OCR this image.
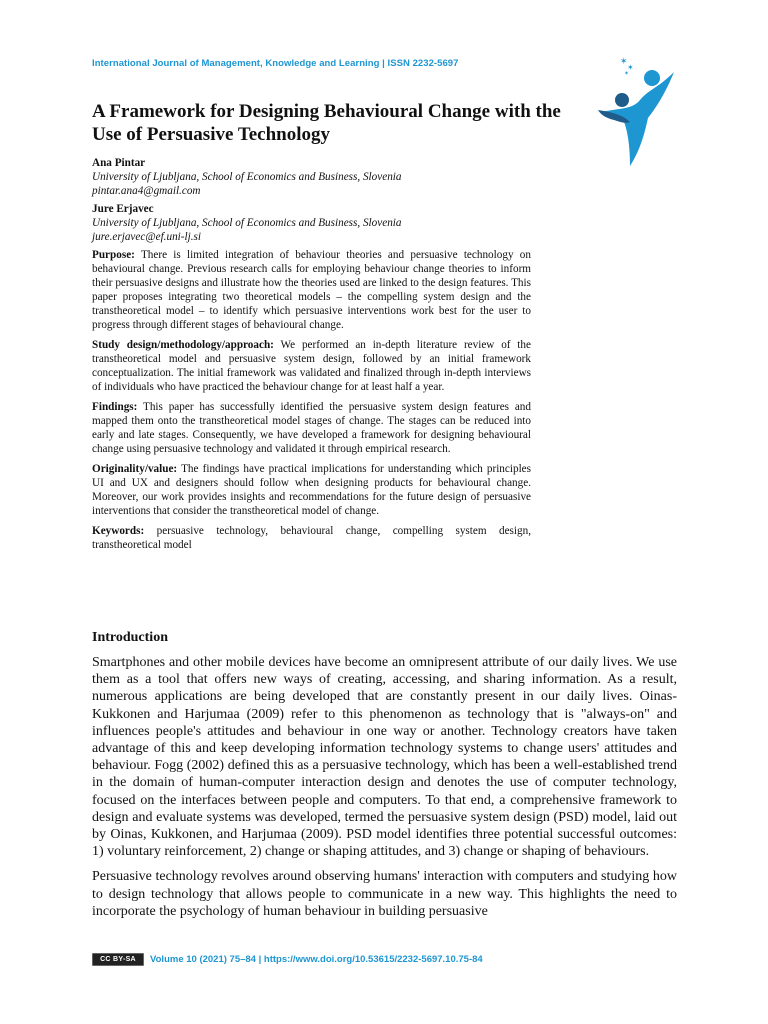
International Journal of Management, Knowledge and Learning | ISSN 2232-5697	✶
✶
✶
A Framework for Designing Behavioural Change with the Use of Persuasive Technology
Ana Pintar
University of Ljubljana, School of Economics and Business, Slovenia
pintar.ana4@gmail.com
Jure Erjavec
University of Ljubljana, School of Economics and Business, Slovenia
jure.erjavec@ef.uni-lj.si

Purpose: There is limited integration of behaviour theories and persuasive technology on behavioural change. Previous research calls for employing behaviour change theories to inform their persuasive designs and illustrate how the theories used are linked to the design features. This paper proposes integrating two theoretical models – the compelling system design and the transtheoretical model – to identify which persuasive interventions work best for the user to progress through different stages of behavioural change.

Study design/methodology/approach: We performed an in-depth literature review of the transtheoretical model and persuasive system design, followed by an initial framework conceptualization. The initial framework was validated and finalized through in-depth interviews of individuals who have practiced the behaviour change for at least half a year.

Findings: This paper has successfully identified the persuasive system design features and mapped them onto the transtheoretical model stages of change. The stages can be reduced into early and late stages. Consequently, we have developed a framework for designing behavioural change using persuasive technology and validated it through empirical research.

Originality/value: The findings have practical implications for understanding which principles UI and UX and designers should follow when designing products for behavioural change. Moreover, our work provides insights and recommendations for the future design of persuasive interventions that consider the transtheoretical model of change.

Keywords: persuasive technology, behavioural change, compelling system design, transtheoretical model

Introduction

Smartphones and other mobile devices have become an omnipresent attribute of our daily lives. We use them as a tool that offers new ways of creating, accessing, and sharing information. As a result, numerous applications are being developed that are constantly present in our daily lives. Oinas-Kukkonen and Harjumaa (2009) refer to this phenomenon as technology that is "always-on" and influences people's attitudes and behaviour in one way or another. Technology creators have taken advantage of this and keep developing information technology systems to change users' attitudes and behaviour. Fogg (2002) defined this as a persuasive technology, which has been a well-established trend in the domain of human-computer interaction design and denotes the use of computer technology, focused on the interfaces between people and computers. To that end, a comprehensive framework to design and evaluate systems was developed, termed the persuasive system design (PSD) model, laid out by Oinas, Kukkonen, and Harjumaa (2009). PSD model identifies three potential successful outcomes: 1) voluntary reinforcement, 2) change or shaping attitudes, and 3) change or shaping of behaviours.

Persuasive technology revolves around observing humans' interaction with computers and studying how to design technology that allows people to communicate in a new way. This highlights the need to incorporate the psychology of human behaviour in building persuasive

CC BY-SA	Volume 10 (2021) 75–84 | https://www.doi.org/10.53615/2232-5697.10.75-84
